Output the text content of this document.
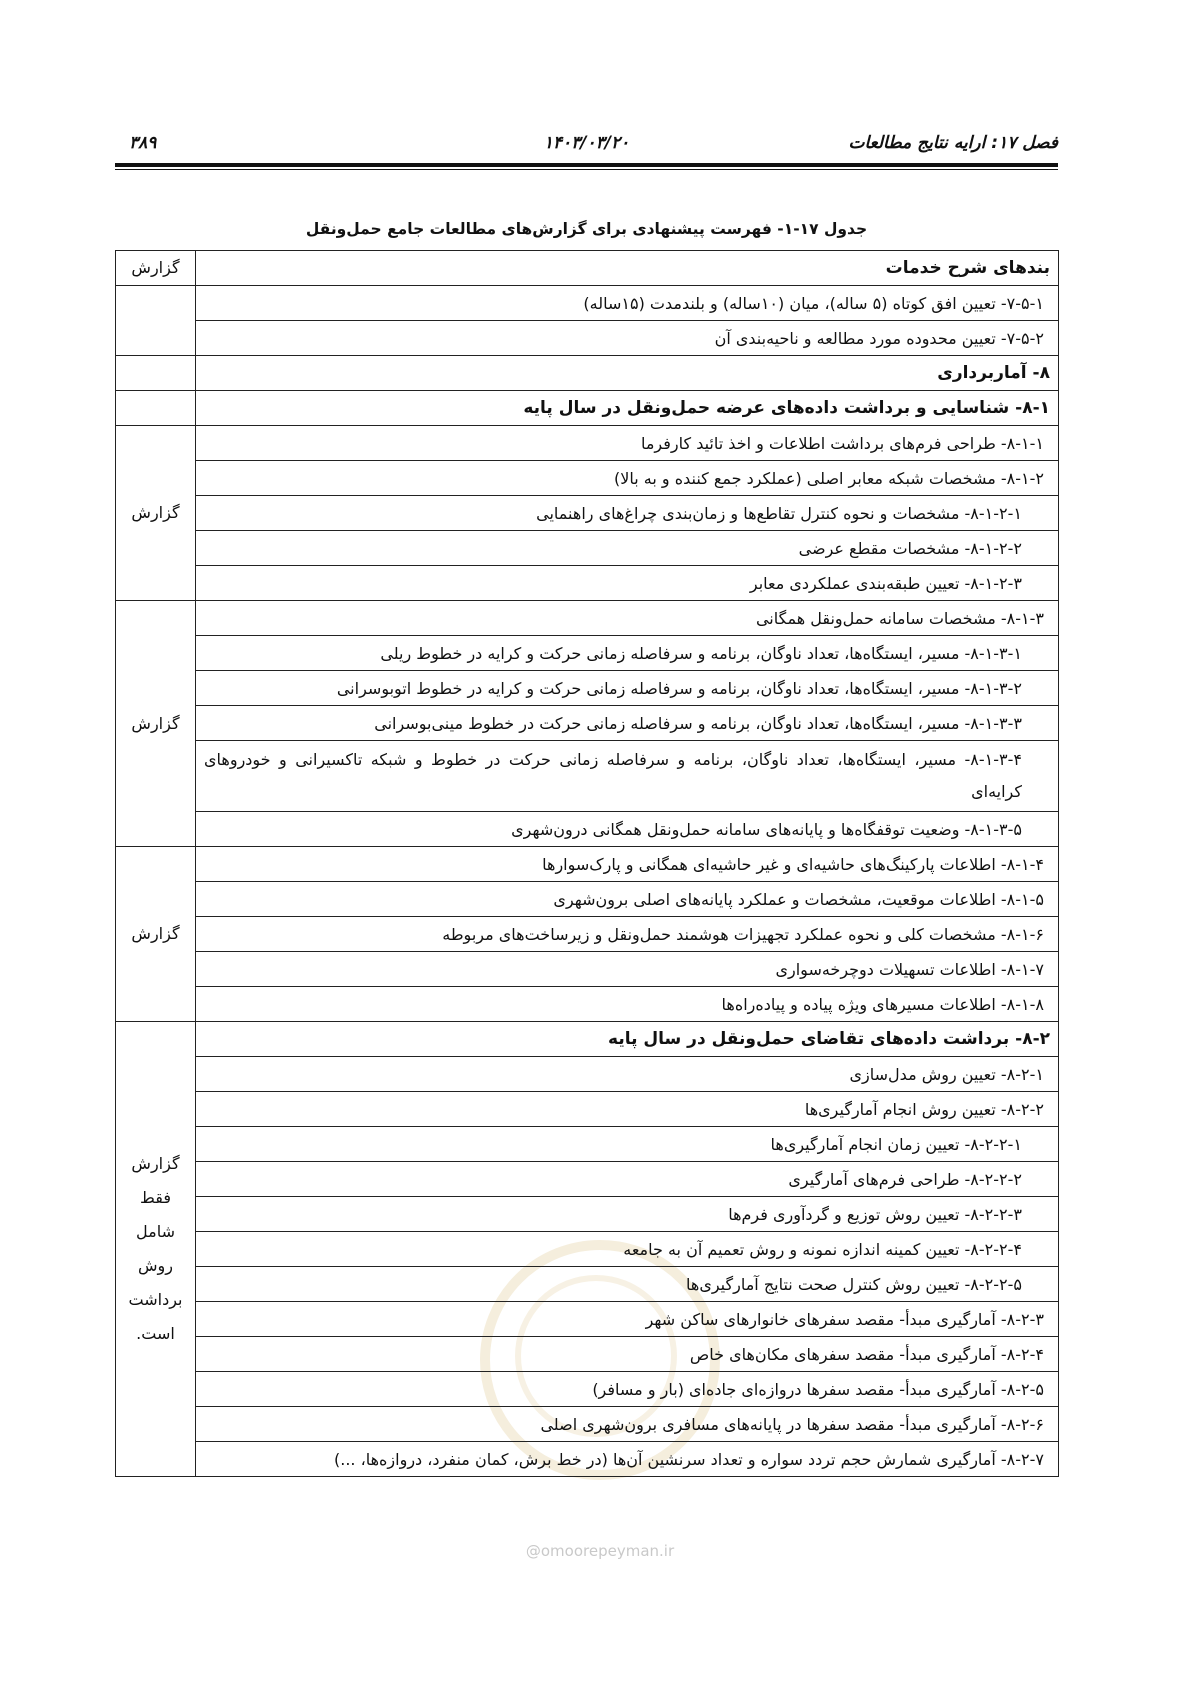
فصل ۱۷: ارایه نتایج مطالعات
۱۴۰۳/۰۳/۲۰
۳۸۹
جدول ۱۷-۱- فهرست پیشنهادی برای گزارش‌های مطالعات جامع حمل‌ونقل
بندهای شرح خدمات	گزارش
۷-۵-۱- تعیین افق کوتاه (۵ ساله)، میان (۱۰ساله) و بلندمدت (۱۵ساله)	
۷-۵-۲- تعیین محدوده مورد مطالعه و ناحیه‌بندی آن	
۸- آماربرداری	
۸-۱- شناسایی و برداشت داده‌های عرضه حمل‌ونقل در سال پایه	
۸-۱-۱- طراحی فرم‌های برداشت اطلاعات و اخذ تائید کارفرما	گزارش
۸-۱-۲- مشخصات شبکه معابر اصلی (عملکرد جمع کننده و به بالا)	
۸-۱-۲-۱- مشخصات و نحوه کنترل تقاطع‌ها و زمان‌بندی چراغ‌های راهنمایی	
۸-۱-۲-۲- مشخصات مقطع عرضی	
۸-۱-۲-۳- تعیین طبقه‌بندی عملکردی معابر	
۸-۱-۳- مشخصات سامانه حمل‌ونقل همگانی	گزارش
۸-۱-۳-۱- مسیر، ایستگاه‌ها، تعداد ناوگان، برنامه و سرفاصله زمانی حرکت و کرایه در خطوط ریلی	
۸-۱-۳-۲- مسیر، ایستگاه‌ها، تعداد ناوگان، برنامه و سرفاصله زمانی حرکت و کرایه در خطوط اتوبوسرانی	
۸-۱-۳-۳- مسیر، ایستگاه‌ها، تعداد ناوگان، برنامه و سرفاصله زمانی حرکت در خطوط مینی‌بوسرانی	
۸-۱-۳-۴- مسیر، ایستگاه‌ها، تعداد ناوگان، برنامه و سرفاصله زمانی حرکت در خطوط و شبکه تاکسیرانی و خودروهای کرایه‌ای	
۸-۱-۳-۵- وضعیت توقفگاه‌ها و پایانه‌های سامانه حمل‌ونقل همگانی درون‌شهری	
۸-۱-۴- اطلاعات پارکینگ‌های حاشیه‌ای و غیر حاشیه‌ای همگانی و پارک‌سوارها	گزارش
۸-۱-۵- اطلاعات موقعیت، مشخصات و عملکرد پایانه‌های اصلی برون‌شهری	
۸-۱-۶- مشخصات کلی و نحوه عملکرد تجهیزات هوشمند حمل‌ونقل و زیرساخت‌های مربوطه	
۸-۱-۷- اطلاعات تسهیلات دوچرخه‌سواری	
۸-۱-۸- اطلاعات مسیرهای ویژه پیاده و پیاده‌راه‌ها	
۸-۲- برداشت داده‌های تقاضای حمل‌ونقل در سال پایه	گزارش فقط شامل روش برداشت است.
۸-۲-۱- تعیین روش مدل‌سازی	
۸-۲-۲- تعیین روش انجام آمارگیری‌ها	
۸-۲-۲-۱- تعیین زمان انجام آمارگیری‌ها	
۸-۲-۲-۲- طراحی فرم‌های آمارگیری	
۸-۲-۲-۳- تعیین روش توزیع و گردآوری فرم‌ها	
۸-۲-۲-۴- تعیین کمینه اندازه نمونه و روش تعمیم آن به جامعه	
۸-۲-۲-۵- تعیین روش کنترل صحت نتایج آمارگیری‌ها	
۸-۲-۳- آمارگیری مبدأ- مقصد سفرهای خانوارهای ساکن شهر	
۸-۲-۴- آمارگیری مبدأ- مقصد سفرهای مکان‌های خاص	
۸-۲-۵- آمارگیری مبدأ- مقصد سفرها دروازه‌ای جاده‌ای (بار و مسافر)	
۸-۲-۶- آمارگیری مبدأ- مقصد سفرها در پایانه‌های مسافری برون‌شهری اصلی	
۸-۲-۷- آمارگیری شمارش حجم تردد سواره و تعداد سرنشین آن‌ها (در خط برش، کمان منفرد، دروازه‌ها، ...)	
@omoorepeyman.ir
